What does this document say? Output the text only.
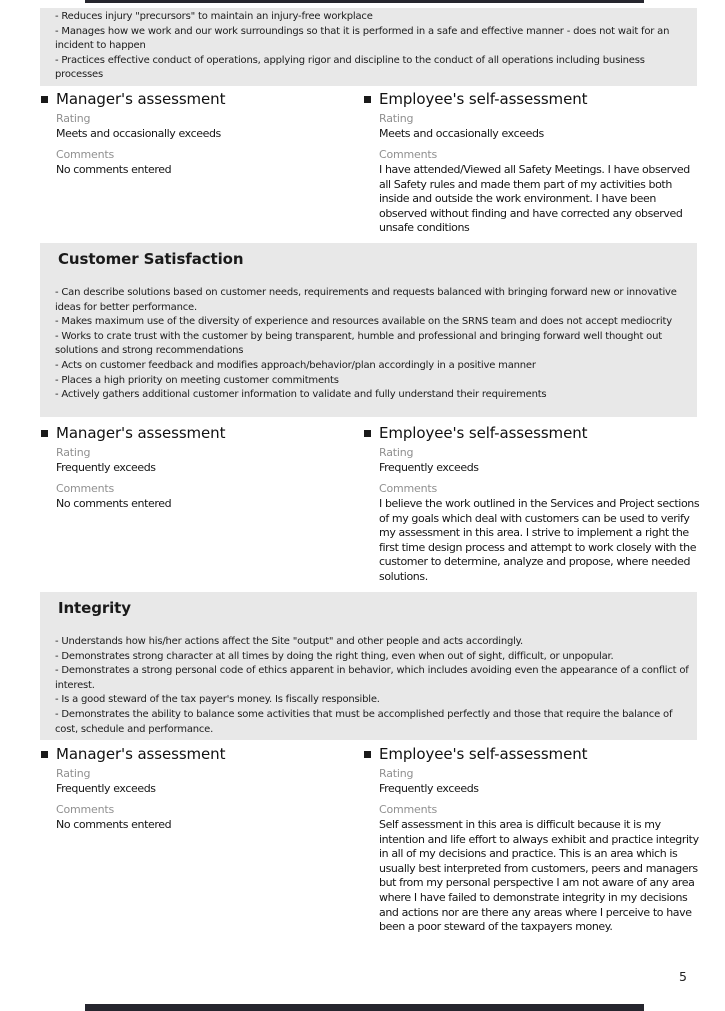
- Reduces injury "precursors" to maintain an injury-free workplace
- Manages how we work and our work surroundings so that it is performed in a safe and effective manner - does not wait for an incident to happen
- Practices effective conduct of operations, applying rigor and discipline to the conduct of all operations including business processes
Manager's assessment
Rating
Meets and occasionally exceeds
Comments
No comments entered
Employee's self-assessment
Rating
Meets and occasionally exceeds
Comments
I have attended/Viewed all Safety Meetings. I have observed all Safety rules and made them part of my activities both inside and outside the work environment. I have been observed without finding and have corrected any observed unsafe conditions
Customer Satisfaction
- Can describe solutions based on customer needs, requirements and requests balanced with bringing forward new or innovative ideas for better performance.
- Makes maximum use of the diversity of experience and resources available on the SRNS team and does not accept mediocrity
- Works to crate trust with the customer by being transparent, humble and professional and bringing forward well thought out solutions and strong recommendations
- Acts on customer feedback and modifies approach/behavior/plan accordingly in a positive manner
- Places a high priority on meeting customer commitments
- Actively gathers additional customer information to validate and fully understand their requirements
Manager's assessment
Rating
Frequently exceeds
Comments
No comments entered
Employee's self-assessment
Rating
Frequently exceeds
Comments
I believe the work outlined in the Services and Project sections of my goals which deal with customers can be used to verify my assessment in this area. I strive to implement a right the first time design process and attempt to work closely with the customer to determine, analyze and propose, where needed solutions.
Integrity
- Understands how his/her actions affect the Site "output" and other people and acts accordingly.
- Demonstrates strong character at all times by doing the right thing, even when out of sight, difficult, or unpopular.
- Demonstrates a strong personal code of ethics apparent in behavior, which includes avoiding even the appearance of a conflict of interest.
- Is a good steward of the tax payer's money. Is fiscally responsible.
- Demonstrates the ability to balance some activities that must be accomplished perfectly and those that require the balance of cost, schedule and performance.
Manager's assessment
Rating
Frequently exceeds
Comments
No comments entered
Employee's self-assessment
Rating
Frequently exceeds
Comments
Self assessment in this area is difficult because it is my intention and life effort to always exhibit and practice integrity in all of my decisions and practice. This is an area which is usually best interpreted from customers, peers and managers but from my personal perspective I am not aware of any area where I have failed to demonstrate integrity in my decisions and actions nor are there any areas where I perceive to have been a poor steward of the taxpayers money.
5
